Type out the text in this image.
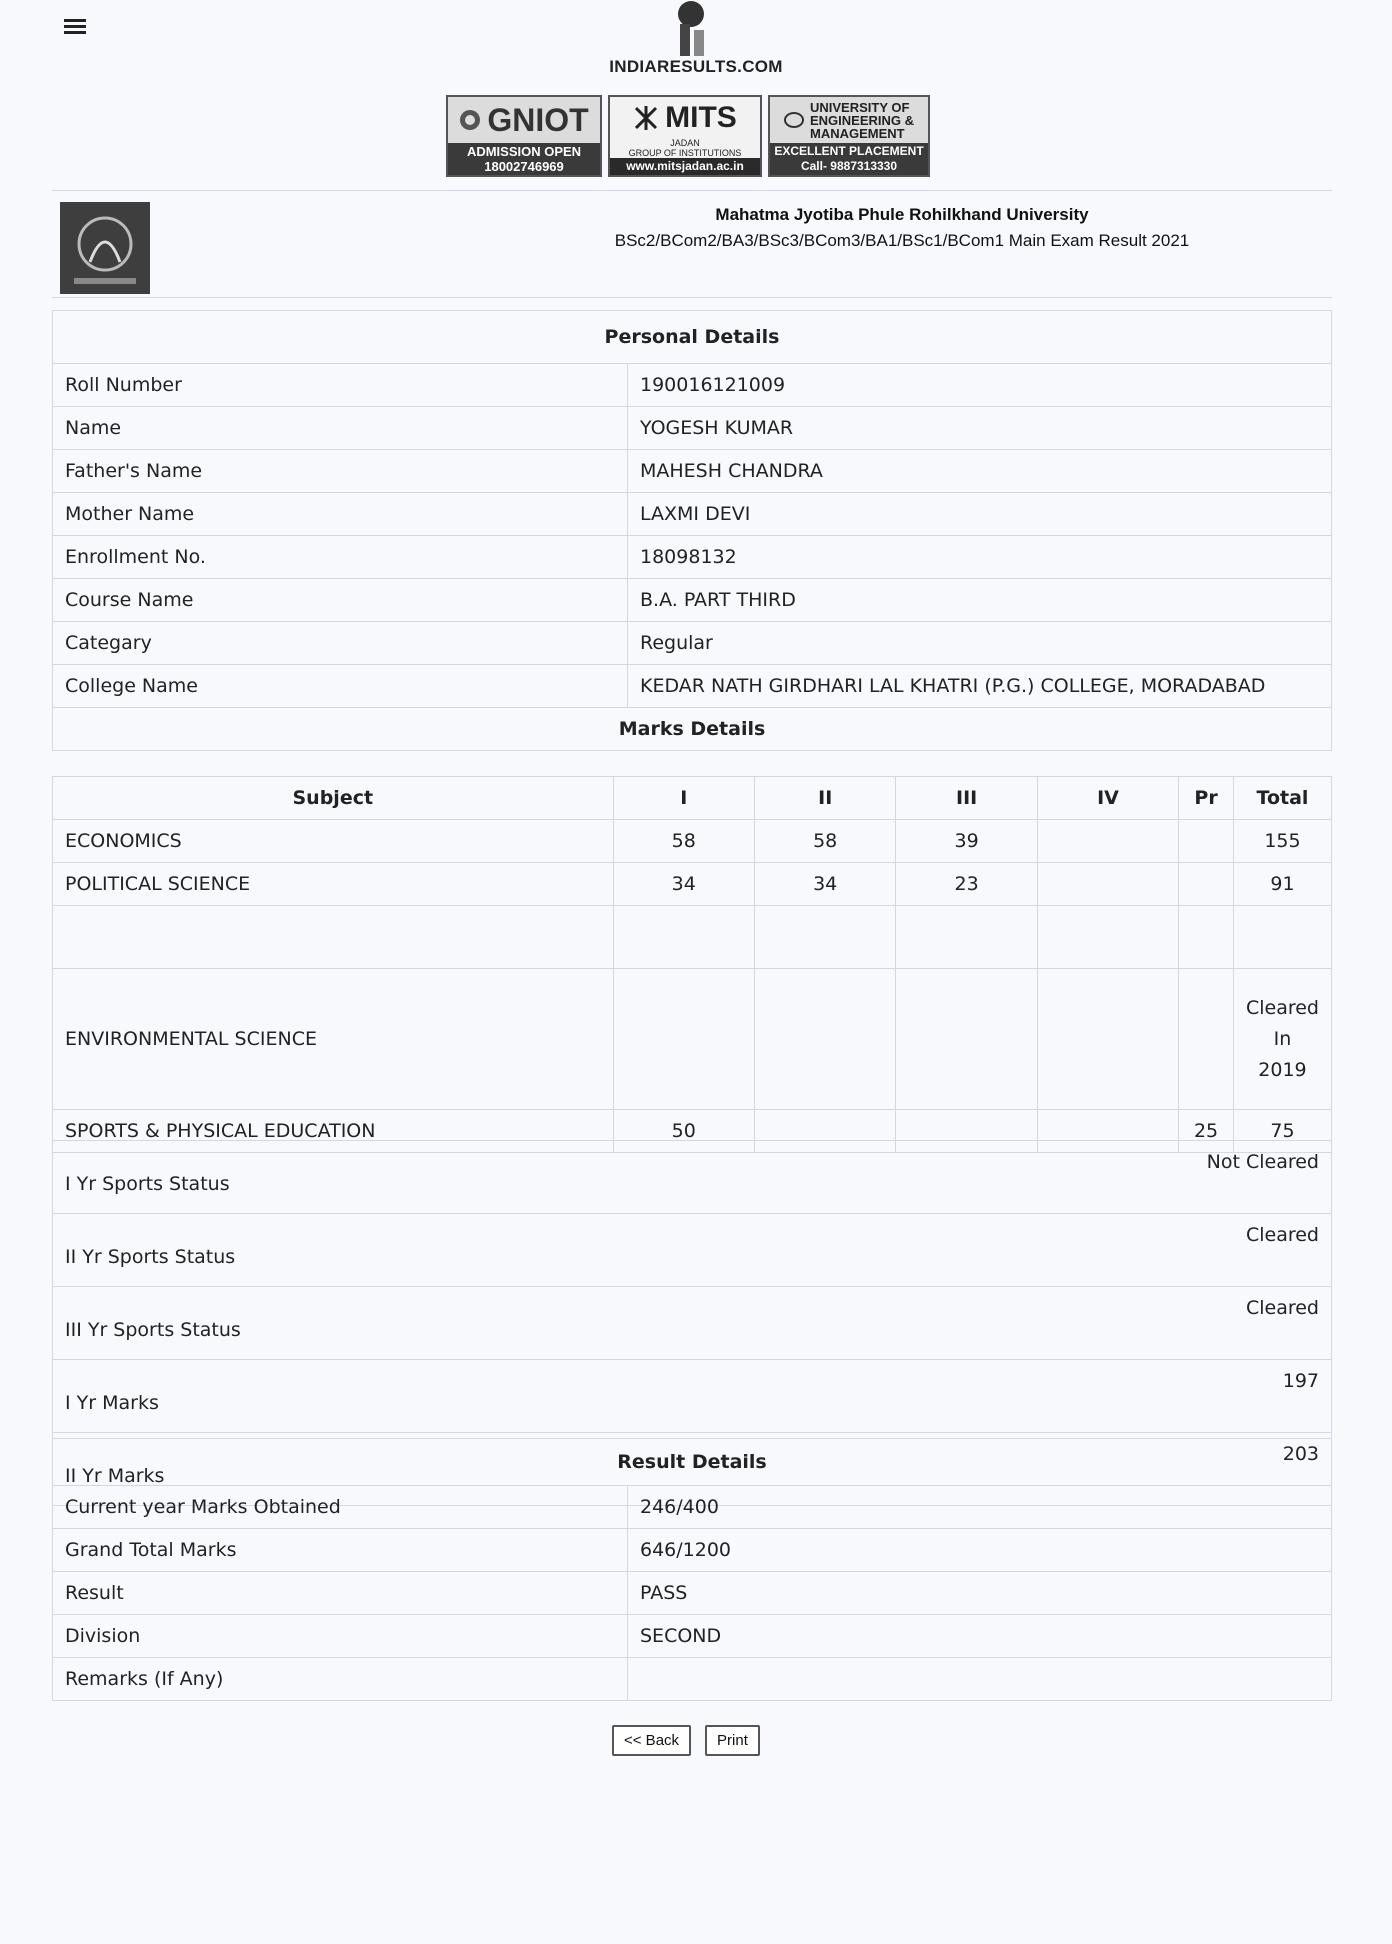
INDIARESULTS.COM
GNIOT
ADMISSION OPEN
18002746969
MITS
JADAN
GROUP OF INSTITUTIONS
www.mitsjadan.ac.in
UNIVERSITY OF
ENGINEERING &
MANAGEMENT
EXCELLENT PLACEMENT
Call- 9887313330
Mahatma Jyotiba Phule Rohilkhand University
BSc2/BCom2/BA3/BSc3/BCom3/BA1/BSc1/BCom1 Main Exam Result 2021
Personal Details	
Roll Number	190016121009
Name	YOGESH KUMAR
Father's Name	MAHESH CHANDRA
Mother Name	LAXMI DEVI
Enrollment No.	18098132
Course Name	B.A. PART THIRD
Categary	Regular
College Name	KEDAR NATH GIRDHARI LAL KHATRI (P.G.) COLLEGE, MORADABAD
Marks Details	
Subject	I	II	III	IV	Pr	Total
ECONOMICS	58	58	39			155
POLITICAL SCIENCE	34	34	23			91

ENVIRONMENTAL SCIENCE						Cleared
In
2019
SPORTS & PHYSICAL EDUCATION	50				25	75
I Yr Sports Status	Not Cleared
II Yr Sports Status	Cleared
III Yr Sports Status	Cleared
I Yr Marks	197
II Yr Marks	203
Result Details	
Current year Marks Obtained	246/400
Grand Total Marks	646/1200
Result	PASS
Division	SECOND
Remarks (If Any)	
<< Back	Print
